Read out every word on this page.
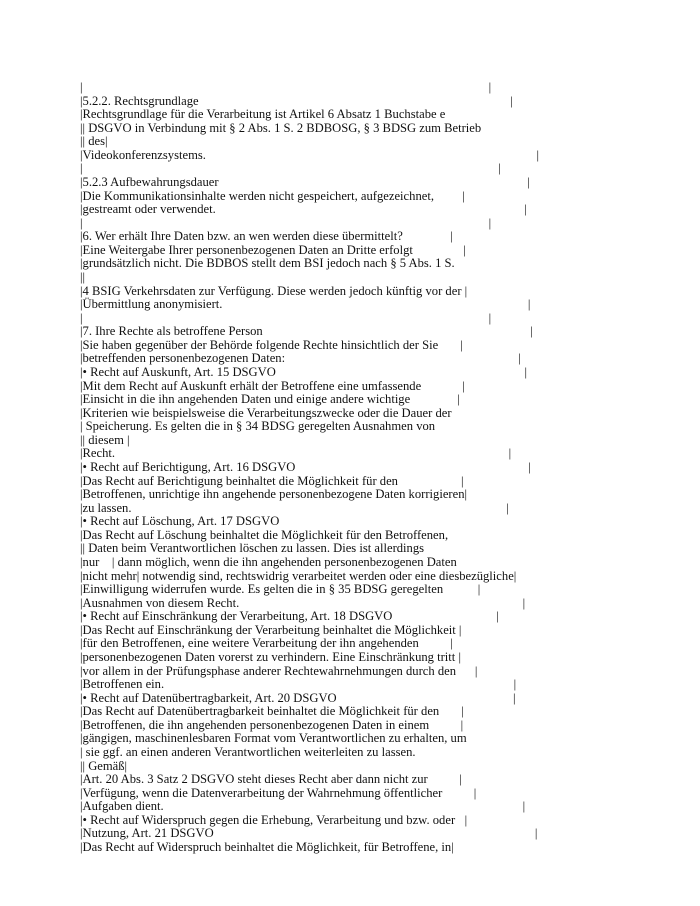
|                                                                                                                                 |
|5.2.2. Rechtsgrundlage                                                                                                   |
|Rechtsgrundlage für die Verarbeitung ist Artikel 6 Absatz 1 Buchstabe e
|| DSGVO in Verbindung mit § 2 Abs. 1 S. 2 BDBOSG, § 3 BDSG zum Betrieb
|| des|
|Videokonferenzsystems.                                                                                                         |
|                                                                                                                                    |
|5.2.3 Aufbewahrungsdauer                                                                                                  |
|Die Kommunikationsinhalte werden nicht gespeichert, aufgezeichnet,         |
|gestreamt oder verwendet.                                                                                                  |
|                                                                                                                                 |
|6. Wer erhält Ihre Daten bzw. an wen werden diese übermittelt?               |
|Eine Weitergabe Ihrer personenbezogenen Daten an Dritte erfolgt                |
|grundsätzlich nicht. Die BDBOS stellt dem BSI jedoch nach § 5 Abs. 1 S.
||
|4 BSIG Verkehrsdaten zur Verfügung. Diese werden jedoch künftig vor der |
|Übermittlung anonymisiert.                                                                                                 |
|                                                                                                                                 |
|7. Ihre Rechte als betroffene Person                                                                                     |
|Sie haben gegenüber der Behörde folgende Rechte hinsichtlich der Sie       |
|betreffenden personenbezogenen Daten:                                                                          |
|• Recht auf Auskunft, Art. 15 DSGVO                                                                               |
|Mit dem Recht auf Auskunft erhält der Betroffene eine umfassende             |
|Einsicht in die ihn angehenden Daten und einige andere wichtige               |
|Kriterien wie beispielsweise die Verarbeitungszwecke oder die Dauer der
| Speicherung. Es gelten die in § 34 BDSG geregelten Ausnahmen von
|| diesem |
|Recht.                                                                                                                             |
|• Recht auf Berichtigung, Art. 16 DSGVO                                                                          |
|Das Recht auf Berichtigung beinhaltet die Möglichkeit für den                    |
|Betroffenen, unrichtige ihn angehende personenbezogene Daten korrigieren|
|zu lassen.                                                                                                                       |
|• Recht auf Löschung, Art. 17 DSGVO
|Das Recht auf Löschung beinhaltet die Möglichkeit für den Betroffenen,
|| Daten beim Verantwortlichen löschen zu lassen. Dies ist allerdings
|nur    | dann möglich, wenn die ihn angehenden personenbezogenen Daten
|nicht mehr| notwendig sind, rechtswidrig verarbeitet werden oder eine diesbezügliche|
|Einwilligung widerrufen wurde. Es gelten die in § 35 BDSG geregelten           |
|Ausnahmen von diesem Recht.                                                                                          |
|• Recht auf Einschränkung der Verarbeitung, Art. 18 DSGVO                                 |
|Das Recht auf Einschränkung der Verarbeitung beinhaltet die Möglichkeit |
|für den Betroffenen, eine weitere Verarbeitung der ihn angehenden          |
|personenbezogenen Daten vorerst zu verhindern. Eine Einschränkung tritt |
|vor allem in der Prüfungsphase anderer Rechtewahrnehmungen durch den      |
|Betroffenen ein.                                                                                                               |
|• Recht auf Datenübertragbarkeit, Art. 20 DSGVO                                                        |
|Das Recht auf Datenübertragbarkeit beinhaltet die Möglichkeit für den       |
|Betroffenen, die ihn angehenden personenbezogenen Daten in einem          |
|gängigen, maschinenlesbaren Format vom Verantwortlichen zu erhalten, um
| sie ggf. an einen anderen Verantwortlichen weiterleiten zu lassen.
|| Gemäß|
|Art. 20 Abs. 3 Satz 2 DSGVO steht dieses Recht aber dann nicht zur          |
|Verfügung, wenn die Datenverarbeitung der Wahrnehmung öffentlicher          |
|Aufgaben dient.                                                                                                                  |
|• Recht auf Widerspruch gegen die Erhebung, Verarbeitung und bzw. oder   |
|Nutzung, Art. 21 DSGVO                                                                                                      |
|Das Recht auf Widerspruch beinhaltet die Möglichkeit, für Betroffene, in|
